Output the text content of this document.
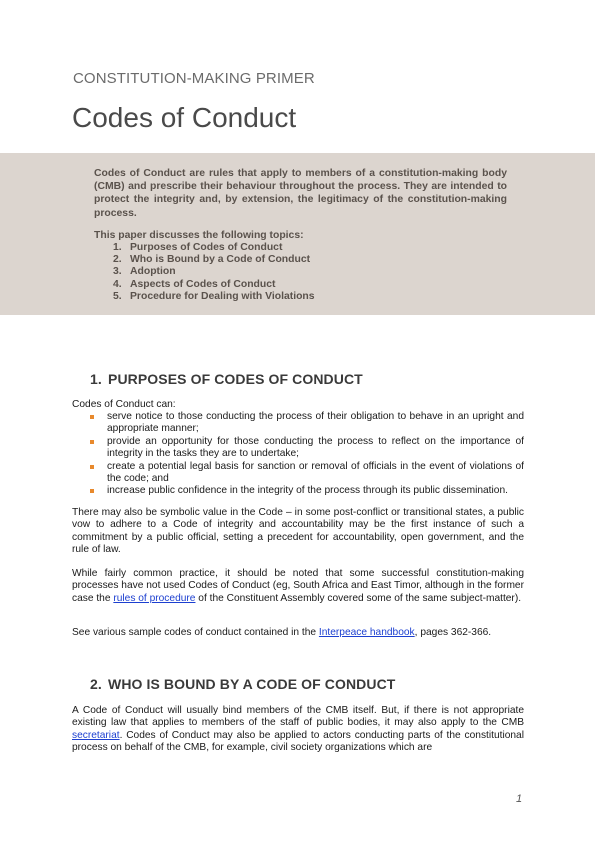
CONSTITUTION-MAKING PRIMER
Codes of Conduct

Codes of Conduct are rules that apply to members of a constitution-making body (CMB) and prescribe their behaviour throughout the process. They are intended to protect the integrity and, by extension, the legitimacy of the constitution-making process.

This paper discusses the following topics:

1. Purposes of Codes of Conduct
2. Who is Bound by a Code of Conduct
3. Adoption
4. Aspects of Codes of Conduct
5. Procedure for Dealing with Violations
1. PURPOSES OF CODES OF CONDUCT

Codes of Conduct can:

serve notice to those conducting the process of their obligation to behave in an upright and appropriate manner;
provide an opportunity for those conducting the process to reflect on the importance of integrity in the tasks they are to undertake;
create a potential legal basis for sanction or removal of officials in the event of violations of the code; and
increase public confidence in the integrity of the process through its public dissemination.

There may also be symbolic value in the Code – in some post-conflict or transitional states, a public vow to adhere to a Code of integrity and accountability may be the first instance of such a commitment by a public official, setting a precedent for accountability, open government, and the rule of law.

While fairly common practice, it should be noted that some successful constitution-making processes have not used Codes of Conduct (eg, South Africa and East Timor, although in the former case the rules of procedure of the Constituent Assembly covered some of the same subject-matter).

See various sample codes of conduct contained in the Interpeace handbook, pages 362-366.

2. WHO IS BOUND BY A CODE OF CONDUCT

A Code of Conduct will usually bind members of the CMB itself. But, if there is not appropriate existing law that applies to members of the staff of public bodies, it may also apply to the CMB secretariat. Codes of Conduct may also be applied to actors conducting parts of the constitutional process on behalf of the CMB, for example, civil society organizations which are

1
